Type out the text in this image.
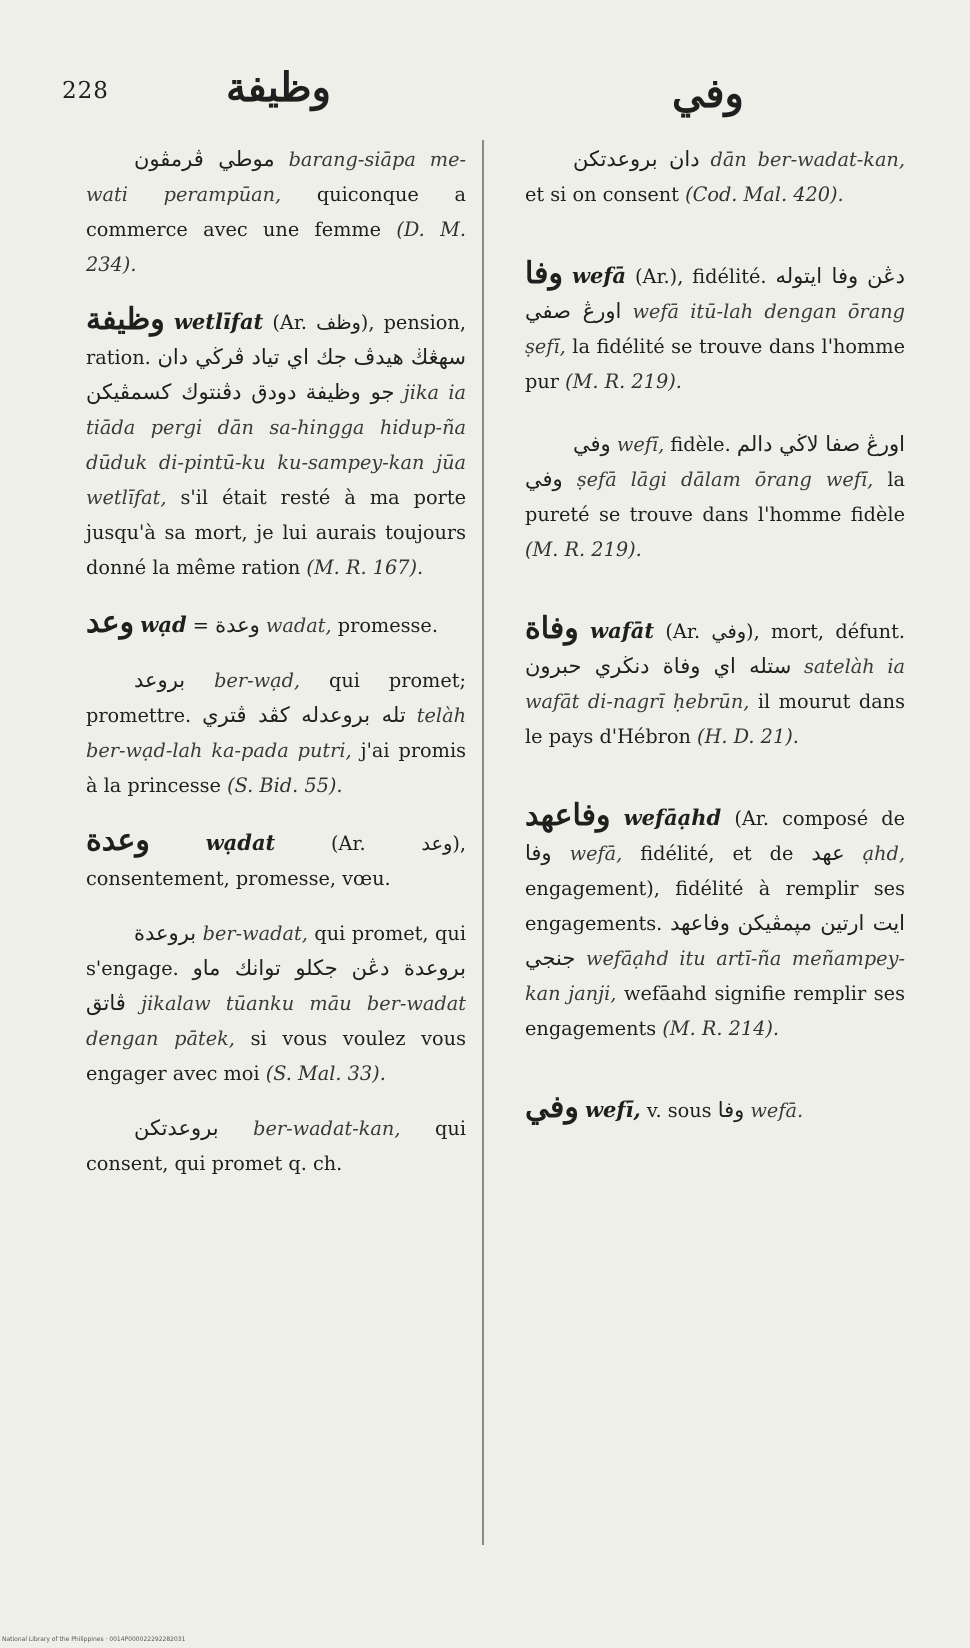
228	وظيفة	وفي

موطي ڤرمڤون barang-siāpa me-wati perampūan, quiconque a commerce avec une femme (D. M. 234).

وظيفة wetlīfat (Ar. وظف), pension, ration. جك اي تياد ڤرڬي دان سهڠڬ هيدڤ دودق دڤنتوك كسمڤيكن جو وظيفة jika ia tiāda pergi dān sa-hingga hidup-ña dūduk di-pintū-ku ku-sampey-kan jūa wetlīfat, s'il était resté à ma porte jusqu'à sa mort, je lui aurais toujours donné la même ration (M. R. 167).

وعد wạd = وعدة wadat, promesse.

بروعد ber-wạd, qui promet; promettre. تله بروعدله كڤد ڤتري telàh ber-wạd-lah ka-pada putri, j'ai promis à la princesse (S. Bid. 55).

وعدة	wạdat	(Ar. وعد), consentement, promesse, vœu.

بروعدة ber-wadat, qui promet, qui s'engage. جكلو توانك ماو بروعدة دڠن ڤاتق jikalaw tūanku māu ber-wadat dengan pātek, si vous voulez vous engager avec moi (S. Mal. 33).

بروعدتكن ber-wadat-kan, qui consent, qui promet q. ch.

دان بروعدتكن dān ber-wadat-kan, et si on consent (Cod. Mal. 420).

وفا wefā (Ar.), fidélité. وفا ايتوله دڠن اورڠ صفي wefā itū-lah dengan ōrang ṣefī, la fidélité se trouve dans l'homme pur (M. R. 219).

وفي wefī, fidèle. صفا لاڬي دالم اورڠ وفي ṣefā lāgi dālam ōrang wefī, la pureté se trouve dans l'homme fidèle (M. R. 219).

وفاة wafāt (Ar. وفي), mort, défunt. ستله اي وفاة دنڬري حبرون satelàh ia wafāt di-nagrī ḥebrūn, il mourut dans le pays d'Hébron (H. D. 21).

وفاعهد wefāạhd (Ar. composé de وفا wefā, fidélité, et de عهد ạhd, engagement), fidélité à remplir ses engagements. وفاعهد ايت ارتين مپمڤيكن جنجي wefāạhd itu artī-ña meñampey-kan janji, wefāahd signifie remplir ses engagements (M. R. 214).

وفي wefī, v. sous وفا wefā.

National Library of the Philippines · 0014P000022292282031
